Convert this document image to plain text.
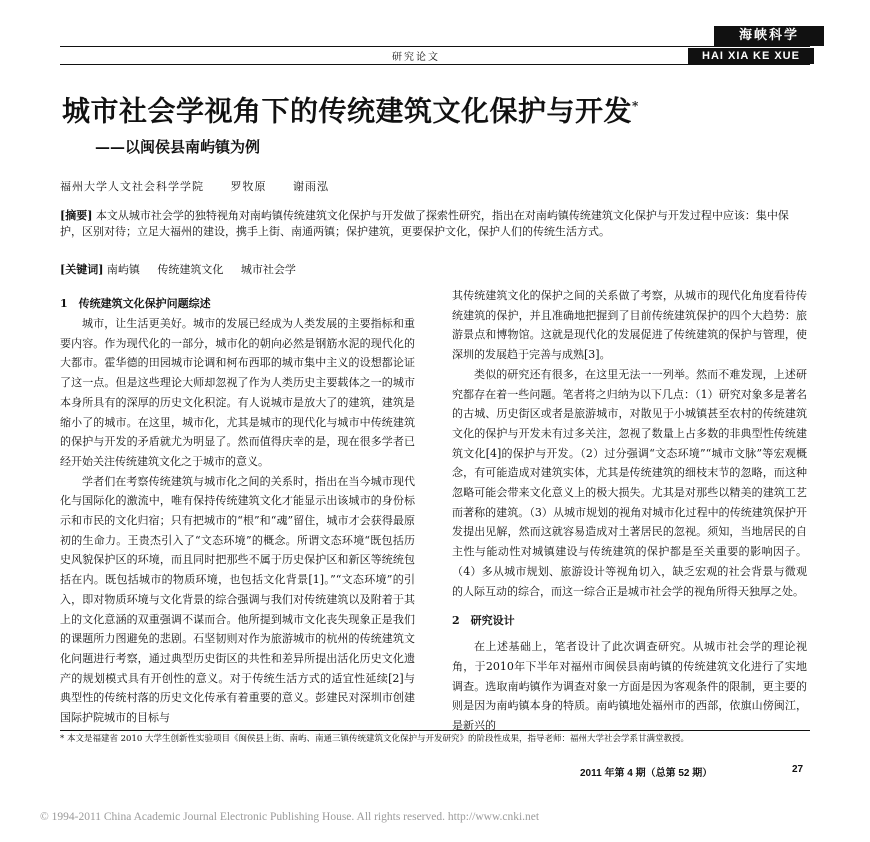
海峡科学
研究论文	HAI XIA KE XUE
城市社会学视角下的传统建筑文化保护与开发*
——以闽侯县南屿镇为例
福州大学人文社会科学学院 罗牧原 谢雨泓
[摘要] 本文从城市社会学的独特视角对南屿镇传统建筑文化保护与开发做了探索性研究，指出在对南屿镇传统建筑文化保护与开发过程中应该：集中保护，区别对待；立足大福州的建设，携手上街、南通两镇；保护建筑，更要保护文化，保护人们的传统生活方式。
[关键词] 南屿镇 传统建筑文化 城市社会学
1　传统建筑文化保护问题综述

城市，让生活更美好。城市的发展已经成为人类发展的主要指标和重要内容。作为现代化的一部分，城市化的朝向必然是钢筋水泥的现代化的大都市。霍华德的田园城市论调和柯布西耶的城市集中主义的设想都论证了这一点。但是这些理论大师却忽视了作为人类历史主要载体之一的城市本身所具有的深厚的历史文化积淀。有人说城市是放大了的建筑，建筑是缩小了的城市。在这里，城市化，尤其是城市的现代化与城市中传统建筑的保护与开发的矛盾就尤为明显了。然而值得庆幸的是，现在很多学者已经开始关注传统建筑文化之于城市的意义。

学者们在考察传统建筑与城市化之间的关系时，指出在当今城市现代化与国际化的激流中，唯有保持传统建筑文化才能显示出该城市的身份标示和市民的文化归宿；只有把城市的“根”和“魂”留住，城市才会获得最原初的生命力。王贵杰引入了“文态环境”的概念。所谓文态环境“既包括历史风貌保护区的环境，而且同时把那些不属于历史保护区和新区等统统包括在内。既包括城市的物质环境，也包括文化背景[1]。”“文态环境”的引入，即对物质环境与文化背景的综合强调与我们对传统建筑以及附着于其上的文化意涵的双重强调不谋而合。他所提到城市文化丧失现象正是我们的课题所力图避免的悲剧。石坚韧则对作为旅游城市的杭州的传统建筑文化问题进行考察，通过典型历史街区的共性和差异所提出活化历史文化遗产的规划模式具有开创性的意义。对于传统生活方式的适宜性延续[2]与典型性的传统村落的历史文化传承有着重要的意义。彭建民对深圳市创建国际护院城市的目标与

其传统建筑文化的保护之间的关系做了考察，从城市的现代化角度看待传统建筑的保护，并且准确地把握到了目前传统建筑保护的四个大趋势：旅游景点和博物馆。这就是现代化的发展促进了传统建筑的保护与管理，使深圳的发展趋于完善与成熟[3]。

类似的研究还有很多，在这里无法一一列举。然而不难发现，上述研究都存在着一些问题。笔者将之归纳为以下几点：（1）研究对象多是著名的古城、历史街区或者是旅游城市，对散见于小城镇甚至农村的传统建筑文化的保护与开发未有过多关注，忽视了数量上占多数的非典型性传统建筑文化[4]的保护与开发。（2）过分强调“文态环境”“城市文脉”等宏观概念，有可能造成对建筑实体，尤其是传统建筑的细枝末节的忽略，而这种忽略可能会带来文化意义上的极大损失。尤其是对那些以精美的建筑工艺而著称的建筑。（3）从城市规划的视角对城市化过程中的传统建筑保护开发提出见解，然而这就容易造成对土著居民的忽视。须知，当地居民的自主性与能动性对城镇建设与传统建筑的保护都是至关重要的影响因子。（4）多从城市规划、旅游设计等视角切入，缺乏宏观的社会背景与微观的人际互动的综合，而这一综合正是城市社会学的视角所得天独厚之处。

2　研究设计

在上述基础上，笔者设计了此次调查研究。从城市社会学的理论视角，于2010年下半年对福州市闽侯县南屿镇的传统建筑文化进行了实地调查。选取南屿镇作为调查对象一方面是因为客观条件的限制，更主要的则是因为南屿镇本身的特质。南屿镇地处福州市的西部，依旗山傍闽江，是新兴的

* 本文是福建省 2010 大学生创新性实验项目《闽侯县上街、南屿、南通三镇传统建筑文化保护与开发研究》的阶段性成果，指导老师：福州大学社会学系甘满堂教授。
2011 年第 4 期（总第 52 期）	27
© 1994-2011 China Academic Journal Electronic Publishing House. All rights reserved. http://www.cnki.net
